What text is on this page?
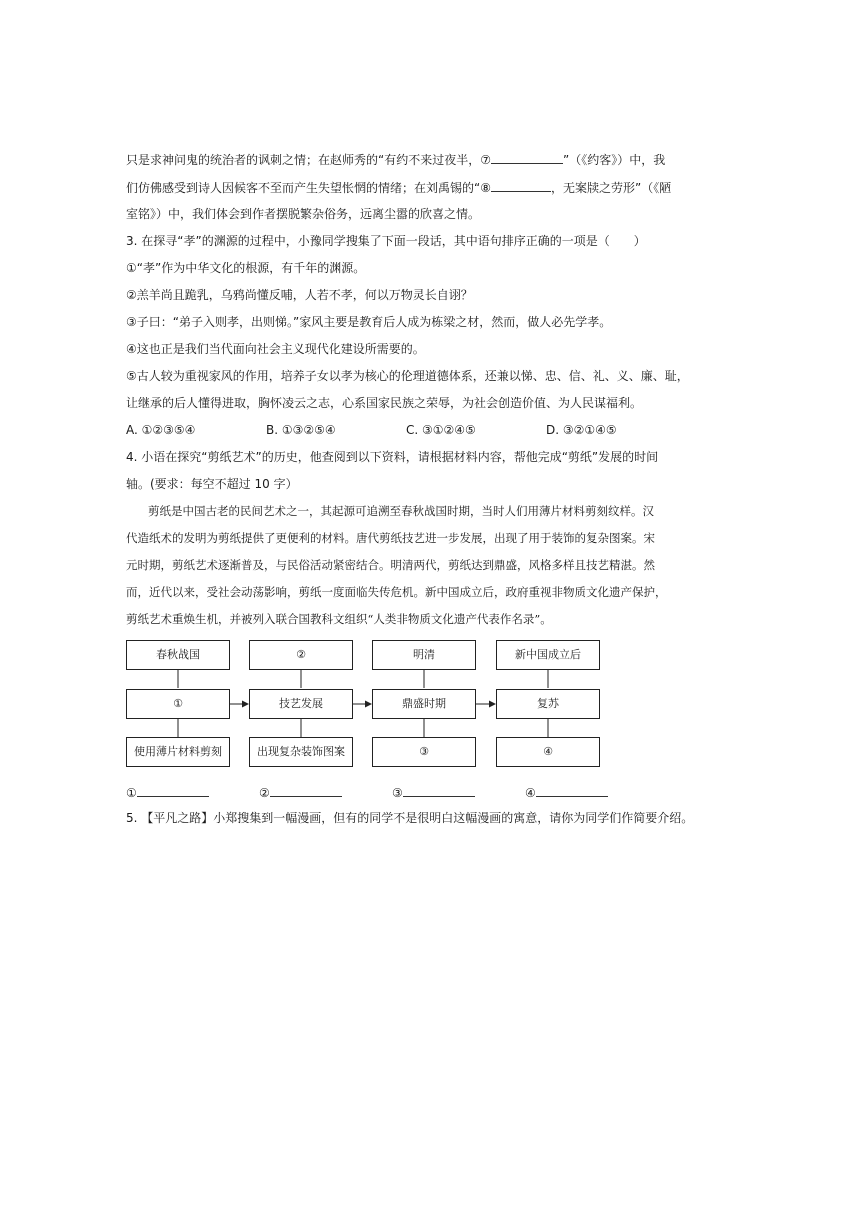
只是求神问鬼的统治者的讽刺之情；在赵师秀的“有约不来过夜半，⑦	”（《约客》）中，我
们仿佛感受到诗人因候客不至而产生失望怅惘的情绪；在刘禹锡的“⑧	，无案牍之劳形”（《陋
室铭》）中，我们体会到作者摆脱繁杂俗务，远离尘嚣的欣喜之情。
3. 在探寻“孝”的渊源的过程中，小豫同学搜集了下面一段话，其中语句排序正确的一项是（　　）
①“孝”作为中华文化的根源，有千年的渊源。
②羔羊尚且跪乳，乌鸦尚懂反哺，人若不孝，何以万物灵长自诩？
③子曰：“弟子入则孝，出则悌。”家风主要是教育后人成为栋梁之材，然而，做人必先学孝。
④这也正是我们当代面向社会主义现代化建设所需要的。
⑤古人较为重视家风的作用，培养子女以孝为核心的伦理道德体系，还兼以悌、忠、信、礼、义、廉、耻，
让继承的后人懂得进取，胸怀凌云之志，心系国家民族之荣辱，为社会创造价值、为人民谋福利。
A. ①②③⑤④	B. ①③②⑤④	C. ③①②④⑤	D. ③②①④⑤
4. 小语在探究“剪纸艺术”的历史，他查阅到以下资料，请根据材料内容，帮他完成“剪纸”发展的时间
轴。(要求：每空不超过 10 字）
剪纸是中国古老的民间艺术之一，其起源可追溯至春秋战国时期，当时人们用薄片材料剪刻纹样。汉
代造纸术的发明为剪纸提供了更便利的材料。唐代剪纸技艺进一步发展，出现了用于装饰的复杂图案。宋
元时期，剪纸艺术逐渐普及，与民俗活动紧密结合。明清两代，剪纸达到鼎盛，风格多样且技艺精湛。然
而，近代以来，受社会动荡影响，剪纸一度面临失传危机。新中国成立后，政府重视非物质文化遗产保护，
剪纸艺术重焕生机，并被列入联合国教科文组织“人类非物质文化遗产代表作名录”。
春秋战国	②	明清	新中国成立后
①	技艺发展	鼎盛时期	复苏
使用薄片材料剪刻	出现复杂装饰图案	③	④
①	②	③	④
5. 【平凡之路】小郑搜集到一幅漫画，但有的同学不是很明白这幅漫画的寓意，请你为同学们作简要介绍。
